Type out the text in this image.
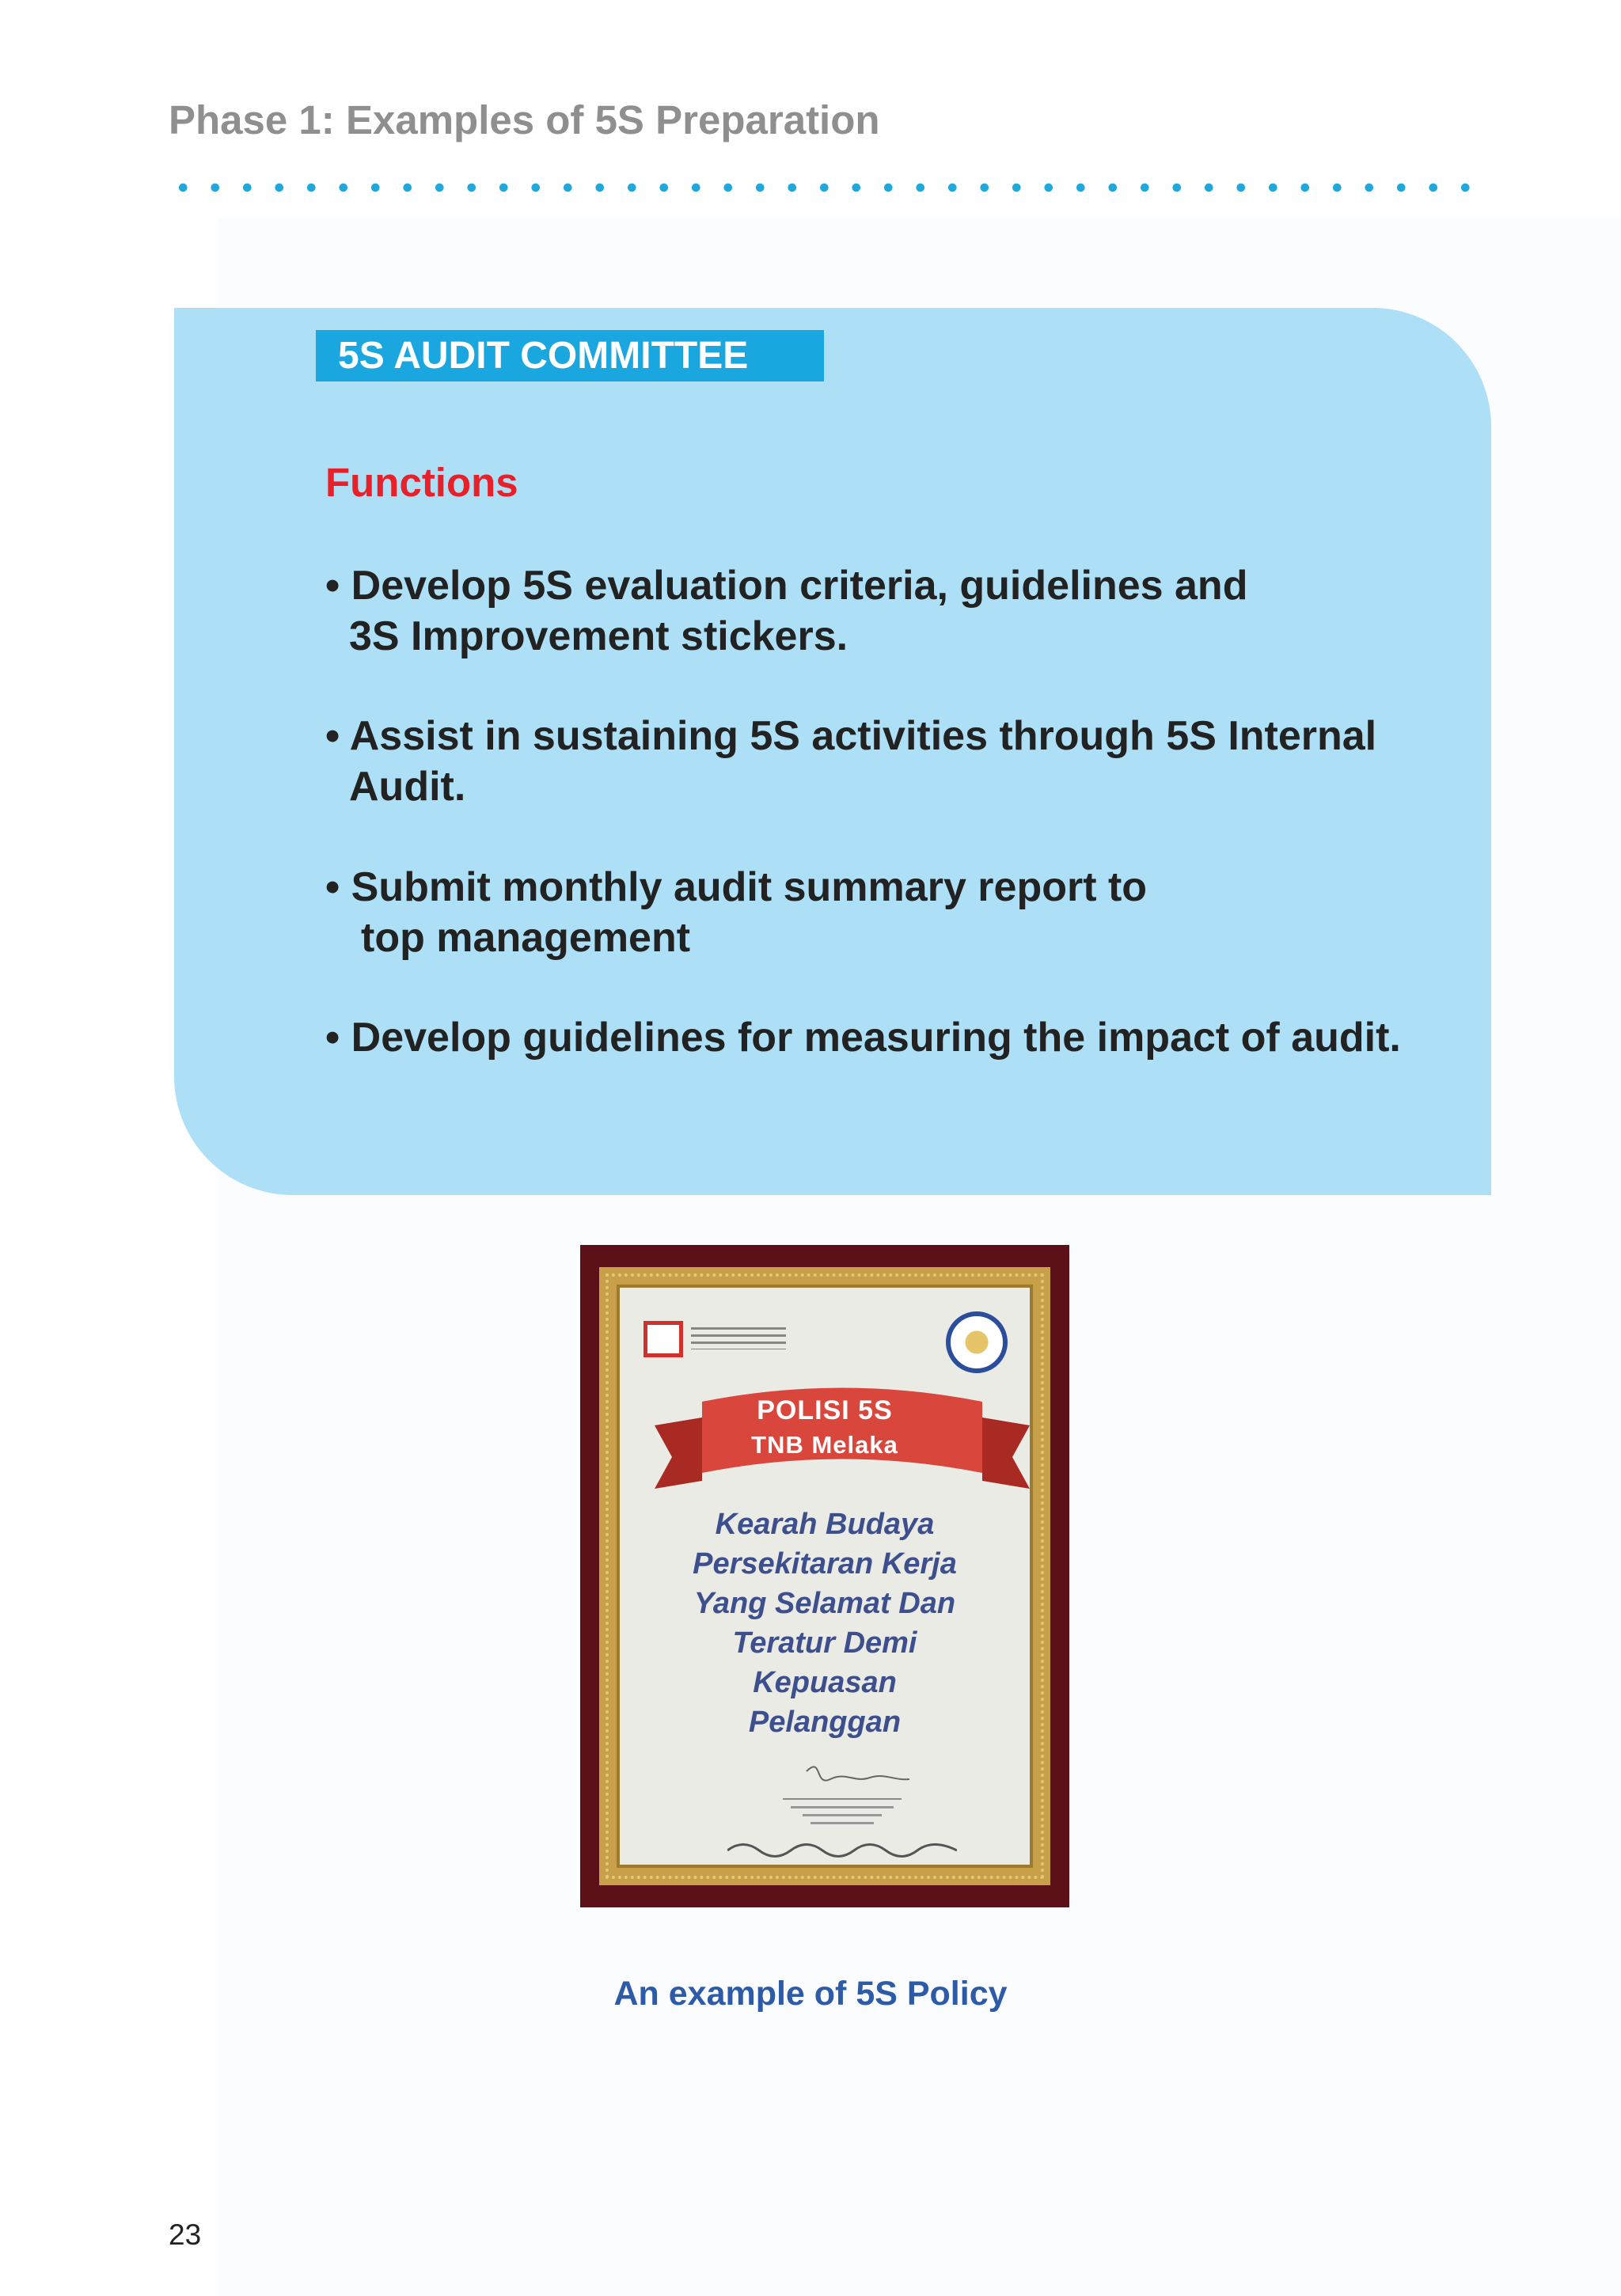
Phase 1: Examples of 5S Preparation
5S AUDIT COMMITTEE
Functions
• Develop 5S evaluation criteria, guidelines and
3S Improvement stickers.
• Assist in sustaining 5S activities through 5S Internal
Audit.
• Submit monthly audit summary report to
top management
• Develop guidelines for measuring the impact of audit.
POLISI 5S
TNB Melaka
Kearah Budaya
Persekitaran Kerja
Yang Selamat Dan
Teratur Demi
Kepuasan
Pelanggan
An example of 5S Policy
23
